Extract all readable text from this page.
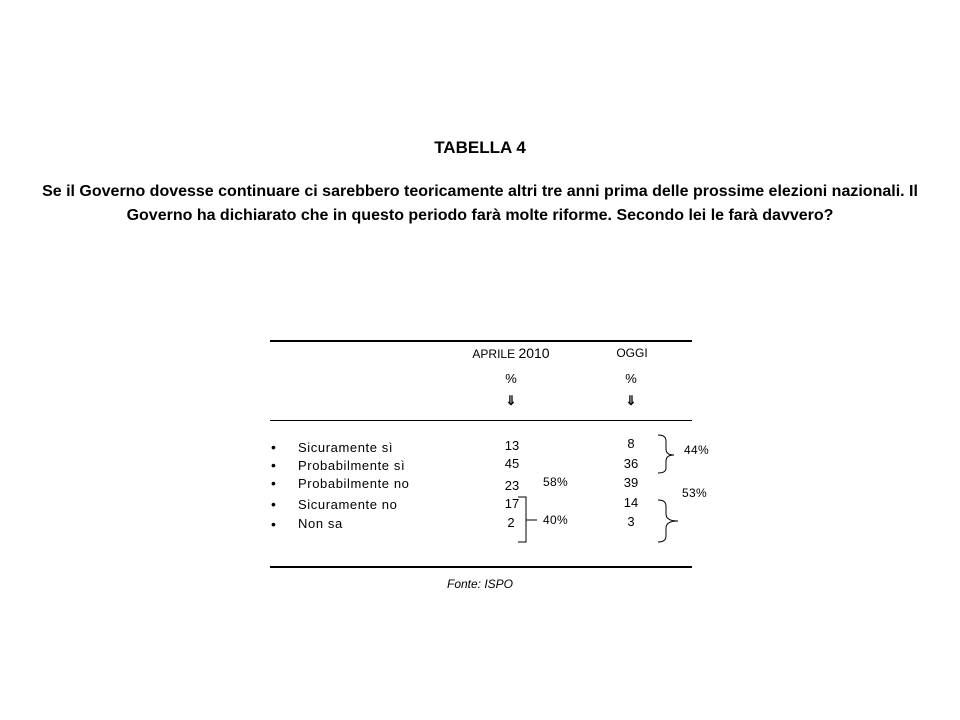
TABELLA 4
Se il Governo dovesse continuare ci sarebbero teoricamente altri tre anni prima delle prossime elezioni nazionali. Il Governo ha dichiarato che in questo periodo farà molte riforme. Secondo lei le farà davvero?
APRILE 2010	OGGI
%	%
⇓	⇓
• Sicuramente sì	13	8
• Probabilmente sì	45	36
• Probabilmente no	23	39
• Sicuramente no	17	14
• Non sa	2	3
58%
40%
44%
53%
Fonte: ISPO
